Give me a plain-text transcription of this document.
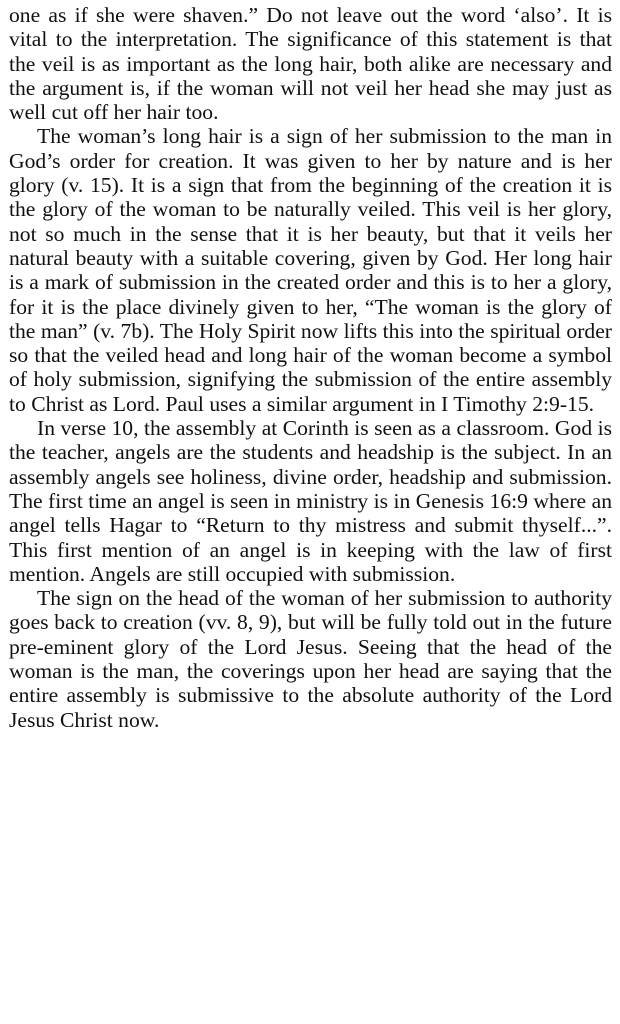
one as if she were shaven.” Do not leave out the word ‘also’. It is vital to the interpretation. The significance of this statement is that the veil is as important as the long hair, both alike are necessary and the argument is, if the woman will not veil her head she may just as well cut off her hair too.

The woman’s long hair is a sign of her submission to the man in God’s order for creation. It was given to her by nature and is her glory (v. 15). It is a sign that from the beginning of the creation it is the glory of the woman to be naturally veiled. This veil is her glory, not so much in the sense that it is her beauty, but that it veils her natural beauty with a suitable covering, given by God. Her long hair is a mark of submission in the created order and this is to her a glory, for it is the place divinely given to her, “The woman is the glory of the man” (v. 7b). The Holy Spirit now lifts this into the spiritual order so that the veiled head and long hair of the woman become a symbol of holy submission, signifying the submission of the entire assembly to Christ as Lord. Paul uses a similar argument in I Timothy 2:9-15.

In verse 10, the assembly at Corinth is seen as a classroom. God is the teacher, angels are the students and headship is the subject. In an assembly angels see holiness, divine order, headship and submission. The first time an angel is seen in ministry is in Genesis 16:9 where an angel tells Hagar to “Return to thy mistress and submit thyself...”. This first mention of an angel is in keeping with the law of first mention. Angels are still occupied with submission.

The sign on the head of the woman of her submission to authority goes back to creation (vv. 8, 9), but will be fully told out in the future pre-eminent glory of the Lord Jesus. Seeing that the head of the woman is the man, the coverings upon her head are saying that the entire assembly is submissive to the absolute authority of the Lord Jesus Christ now.
